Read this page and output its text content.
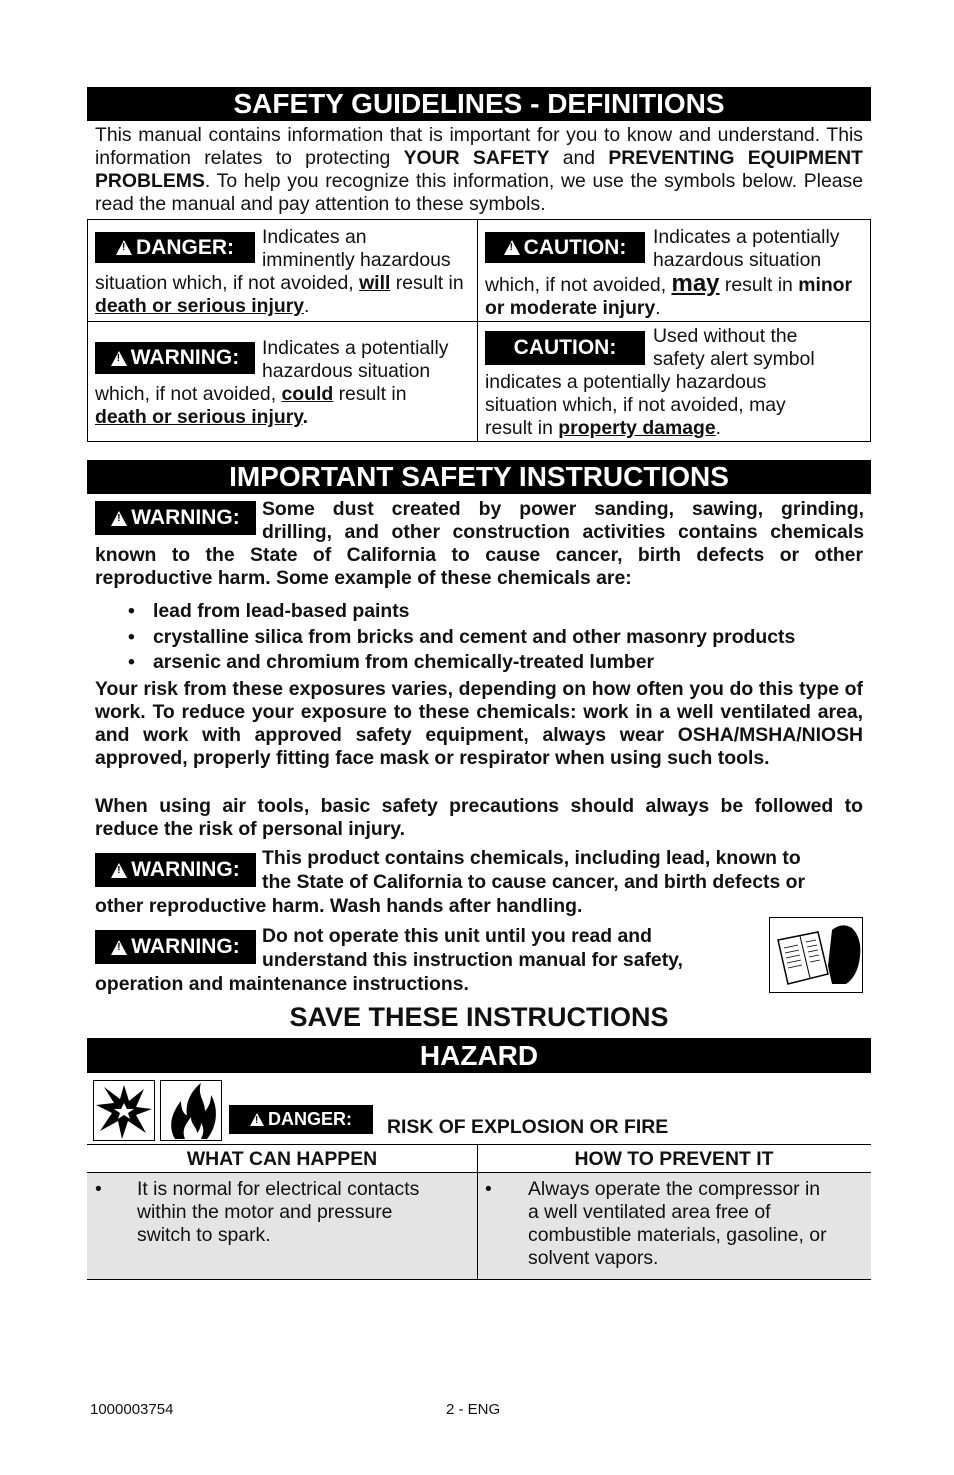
SAFETY GUIDELINES - DEFINITIONS
This manual contains information that is important for you to know and understand. This information relates to protecting YOUR SAFETY and PREVENTING EQUIPMENT PROBLEMS. To help you recognize this information, we use the symbols below. Please read the manual and pay attention to these symbols.
!
DANGER: Indicates an
imminently hazardous
situation which, if not avoided, will result in death or serious injury.
!
CAUTION: Indicates a potentially
hazardous situation
which, if not avoided, may result in minor or moderate injury.
!
WARNING: Indicates a potentially
hazardous situation
which, if not avoided, could result in
death or serious injury.
CAUTION: Used without the
safety alert symbol
indicates a potentially hazardous situation which, if not avoided, may result in property damage.
IMPORTANT SAFETY INSTRUCTIONS
!
WARNING: Some dust created by power sanding, sawing, grinding,
drilling, and other construction activities contains chemicals
known to the State of California to cause cancer, birth defects or other reproductive harm. Some example of these chemicals are:
• lead from lead-based paints
• crystalline silica from bricks and cement and other masonry products
• arsenic and chromium from chemically-treated lumber
Your risk from these exposures varies, depending on how often you do this type of work. To reduce your exposure to these chemicals: work in a well ventilated area, and work with approved safety equipment, always wear OSHA/MSHA/NIOSH approved, properly fitting face mask or respirator when using such tools.
When using air tools, basic safety precautions should always be followed to reduce the risk of personal injury.
!
WARNING: This product contains chemicals, including lead, known to
the State of California to cause cancer, and birth defects or
other reproductive harm. Wash hands after handling.
!
WARNING: Do not operate this unit until you read and
understand this instruction manual for safety,
operation and maintenance instructions.
SAVE THESE INSTRUCTIONS
HAZARD
!
DANGER: RISK OF EXPLOSION OR FIRE
WHAT CAN HAPPEN	HOW TO PREVENT IT
• It is normal for electrical contacts within the motor and pressure switch to spark.
• Always operate the compressor in a well ventilated area free of combustible materials, gasoline, or solvent vapors.
1000003754	2 - ENG
